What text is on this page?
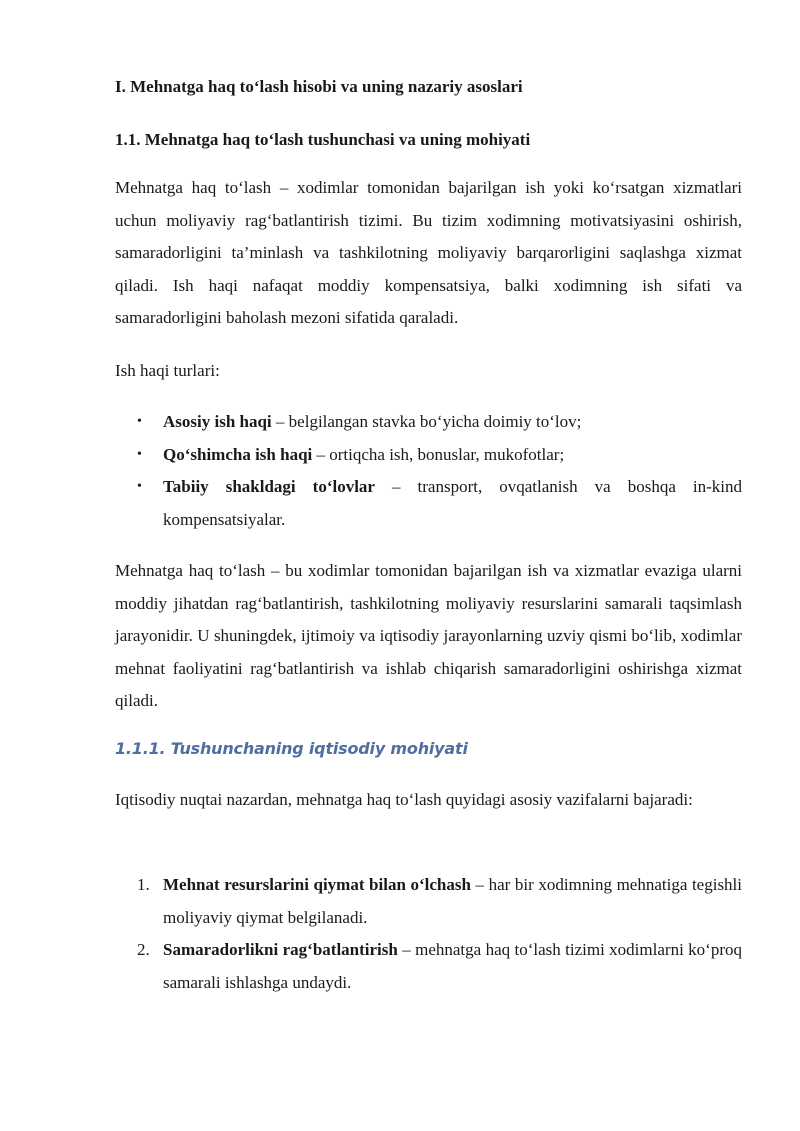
I. Mehnatga haq to‘lash hisobi va uning nazariy asoslari
1.1. Mehnatga haq to‘lash tushunchasi va uning mohiyati

Mehnatga haq to‘lash – xodimlar tomonidan bajarilgan ish yoki ko‘rsatgan xizmatlari uchun moliyaviy rag‘batlantirish tizimi. Bu tizim xodimning motivatsiyasini oshirish, samaradorligini ta’minlash va tashkilotning moliyaviy barqarorligini saqlashga xizmat qiladi. Ish haqi nafaqat moddiy kompensatsiya, balki xodimning ish sifati va samaradorligini baholash mezoni sifatida qaraladi.

Ish haqi turlari:

• Asosiy ish haqi – belgilangan stavka bo‘yicha doimiy to‘lov;
• Qo‘shimcha ish haqi – ortiqcha ish, bonuslar, mukofotlar;
• Tabiiy shakldagi to‘lovlar – transport, ovqatlanish va boshqa in-kind kompensatsiyalar.

Mehnatga haq to‘lash – bu xodimlar tomonidan bajarilgan ish va xizmatlar evaziga ularni moddiy jihatdan rag‘batlantirish, tashkilotning moliyaviy resurslarini samarali taqsimlash jarayonidir. U shuningdek, ijtimoiy va iqtisodiy jarayonlarning uzviy qismi bo‘lib, xodimlar mehnat faoliyatini rag‘batlantirish va ishlab chiqarish samaradorligini oshirishga xizmat qiladi.

1.1.1. Tushunchaning iqtisodiy mohiyati

Iqtisodiy nuqtai nazardan, mehnatga haq to‘lash quyidagi asosiy vazifalarni bajaradi:

1. Mehnat resurslarini qiymat bilan o‘lchash – har bir xodimning mehnatiga tegishli moliyaviy qiymat belgilanadi.
2. Samaradorlikni rag‘batlantirish – mehnatga haq to‘lash tizimi xodimlarni ko‘proq samarali ishlashga undaydi.
